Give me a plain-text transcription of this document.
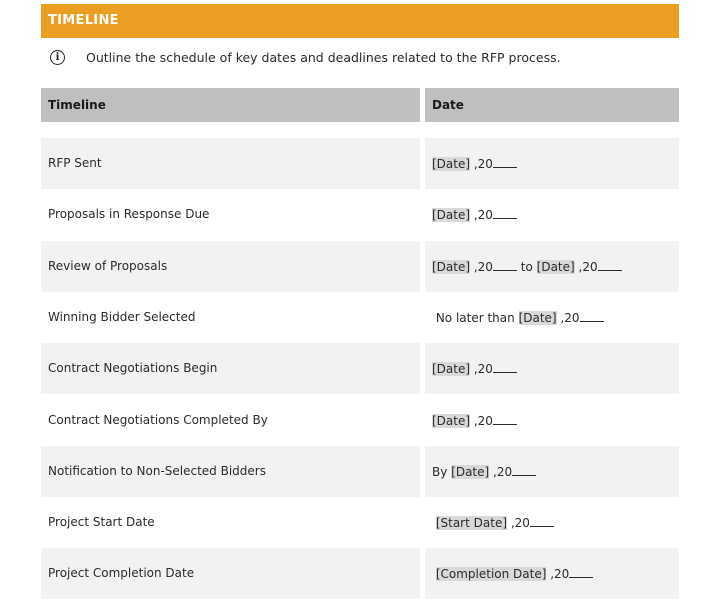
TIMELINE
i	Outline the schedule of key dates and deadlines related to the RFP process.
Timeline	Date
RFP Sent	[Date] ,20
Proposals in Response Due	[Date] ,20
Review of Proposals	[Date] ,20 to [Date] ,20
Winning Bidder Selected	No later than [Date] ,20
Contract Negotiations Begin	[Date] ,20
Contract Negotiations Completed By	[Date] ,20
Notification to Non-Selected Bidders	By [Date] ,20
Project Start Date	[Start Date] ,20
Project Completion Date	[Completion Date] ,20
